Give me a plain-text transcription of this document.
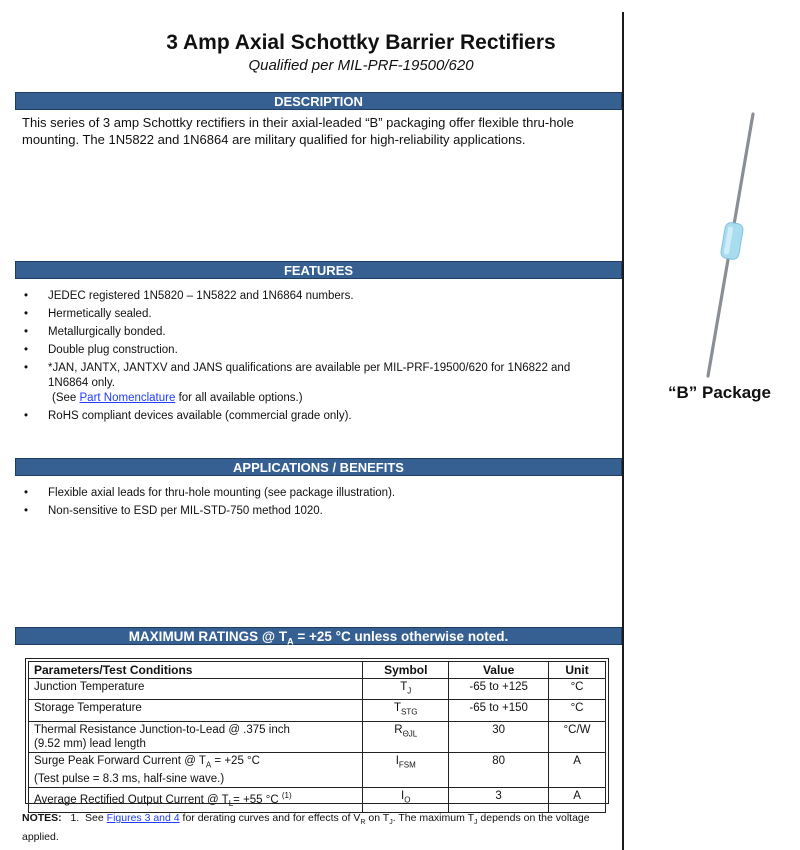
3 Amp Axial Schottky Barrier Rectifiers
Qualified per MIL-PRF-19500/620
DESCRIPTION
This series of 3 amp Schottky rectifiers in their axial-leaded “B” packaging offer flexible thru-hole mounting. The 1N5822 and 1N6864 are military qualified for high-reliability applications.
FEATURES
• JEDEC registered 1N5820 – 1N5822 and 1N6864 numbers.
• Hermetically sealed.
• Metallurgically bonded.
• Double plug construction.
• *JAN, JANTX, JANTXV and JANS qualifications are available per MIL-PRF-19500/620 for 1N6822 and 1N6864 only.
(See Part Nomenclature for all available options.)
• RoHS compliant devices available (commercial grade only).
APPLICATIONS / BENEFITS
• Flexible axial leads for thru-hole mounting (see package illustration).
• Non-sensitive to ESD per MIL-STD-750 method 1020.
“B” Package
MAXIMUM RATINGS @ $T_A = +25$ °C unless otherwise noted.
Parameters/Test Conditions	Symbol	Value	Unit
Junction Temperature	$T_J$	-65 to +125	°C
Storage Temperature	$T_{STG}$	-65 to +150	°C
Thermal Resistance Junction-to-Lead @ .375 inch
(9.52 mm) lead length	$R_{\Theta JL}$	30	°C/W
Surge Peak Forward Current @ $T_A = +25$ °C
(Test pulse = 8.3 ms, half-sine wave.)	$I_{FSM}$	80	A
Average Rectified Output Current @ $T_L= +55$ °C $^{(1)}$	$I_O$	3	A
NOTES: 1. See Figures 3 and 4 for derating curves and for effects of $V_R$ on $T_J$. The maximum $T_J$ depends on the voltage applied.
